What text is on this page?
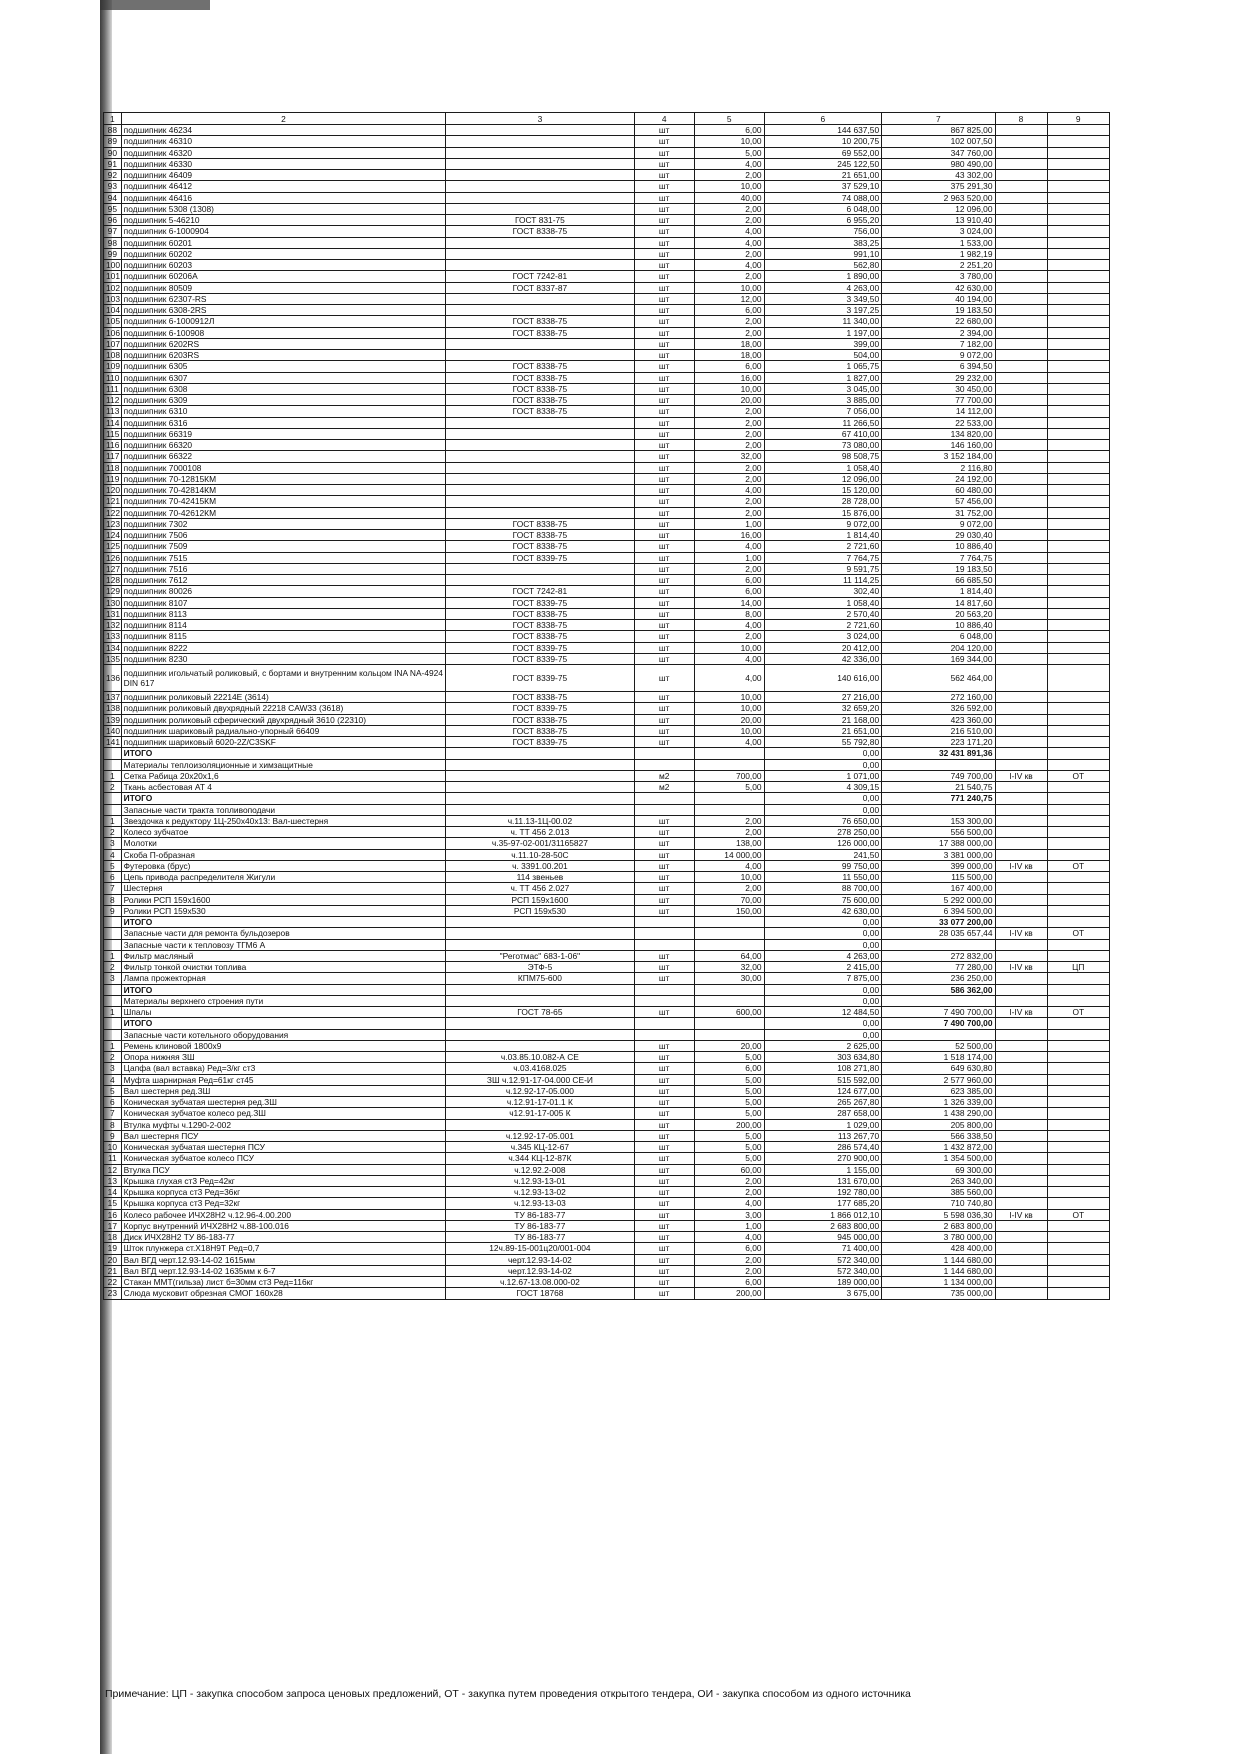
1	2	3	4	5	6	7	8	9
88	подшипник 46234		шт	6,00	144 637,50	867 825,00		
89	подшипник 46310		шт	10,00	10 200,75	102 007,50		
90	подшипник 46320		шт	5,00	69 552,00	347 760,00		
91	подшипник 46330		шт	4,00	245 122,50	980 490,00		
92	подшипник 46409		шт	2,00	21 651,00	43 302,00		
93	подшипник 46412		шт	10,00	37 529,10	375 291,30		
94	подшипник 46416		шт	40,00	74 088,00	2 963 520,00		
95	подшипник 5308 (1308)		шт	2,00	6 048,00	12 096,00		
96	подшипник 5-46210	ГОСТ 831-75	шт	2,00	6 955,20	13 910,40		
97	подшипник 6-1000904	ГОСТ 8338-75	шт	4,00	756,00	3 024,00		
98	подшипник 60201		шт	4,00	383,25	1 533,00		
99	подшипник 60202		шт	2,00	991,10	1 982,19		
100	подшипник 60203		шт	4,00	562,80	2 251,20		
101	подшипник 60206А	ГОСТ 7242-81	шт	2,00	1 890,00	3 780,00		
102	подшипник 80509	ГОСТ 8337-87	шт	10,00	4 263,00	42 630,00		
103	подшипник 62307-RS		шт	12,00	3 349,50	40 194,00		
104	подшипник 6308-2RS		шт	6,00	3 197,25	19 183,50		
105	подшипник 6-1000912Л	ГОСТ 8338-75	шт	2,00	11 340,00	22 680,00		
106	подшипник 6-100908	ГОСТ 8338-75	шт	2,00	1 197,00	2 394,00		
107	подшипник 6202RS		шт	18,00	399,00	7 182,00		
108	подшипник 6203RS		шт	18,00	504,00	9 072,00		
109	подшипник 6305	ГОСТ 8338-75	шт	6,00	1 065,75	6 394,50		
110	подшипник 6307	ГОСТ 8338-75	шт	16,00	1 827,00	29 232,00		
111	подшипник 6308	ГОСТ 8338-75	шт	10,00	3 045,00	30 450,00		
112	подшипник 6309	ГОСТ 8338-75	шт	20,00	3 885,00	77 700,00		
113	подшипник 6310	ГОСТ 8338-75	шт	2,00	7 056,00	14 112,00		
114	подшипник 6316		шт	2,00	11 266,50	22 533,00		
115	подшипник 66319		шт	2,00	67 410,00	134 820,00		
116	подшипник 66320		шт	2,00	73 080,00	146 160,00		
117	подшипник 66322		шт	32,00	98 508,75	3 152 184,00		
118	подшипник 7000108		шт	2,00	1 058,40	2 116,80		
119	подшипник 70-12815КМ		шт	2,00	12 096,00	24 192,00		
120	подшипник 70-42814КМ		шт	4,00	15 120,00	60 480,00		
121	подшипник 70-42415КМ		шт	2,00	28 728,00	57 456,00		
122	подшипник 70-42612КМ		шт	2,00	15 876,00	31 752,00		
123	подшипник 7302	ГОСТ 8338-75	шт	1,00	9 072,00	9 072,00		
124	подшипник 7506	ГОСТ 8338-75	шт	16,00	1 814,40	29 030,40		
125	подшипник 7509	ГОСТ 8338-75	шт	4,00	2 721,60	10 886,40		
126	подшипник 7515	ГОСТ 8339-75	шт	1,00	7 764,75	7 764,75		
127	подшипник 7516		шт	2,00	9 591,75	19 183,50		
128	подшипник 7612		шт	6,00	11 114,25	66 685,50		
129	подшипник 80026	ГОСТ 7242-81	шт	6,00	302,40	1 814,40		
130	подшипник 8107	ГОСТ 8339-75	шт	14,00	1 058,40	14 817,60		
131	подшипник 8113	ГОСТ 8338-75	шт	8,00	2 570,40	20 563,20		
132	подшипник 8114	ГОСТ 8338-75	шт	4,00	2 721,60	10 886,40		
133	подшипник 8115	ГОСТ 8338-75	шт	2,00	3 024,00	6 048,00		
134	подшипник 8222	ГОСТ 8339-75	шт	10,00	20 412,00	204 120,00		
135	подшипник 8230	ГОСТ 8339-75	шт	4,00	42 336,00	169 344,00		
136	подшипник игольчатый роликовый, с бортами и внутренним кольцом INA NA-4924 DIN 617	ГОСТ 8339-75	шт	4,00	140 616,00	562 464,00		
137	подшипник роликовый 22214E (3614)	ГОСТ 8338-75	шт	10,00	27 216,00	272 160,00		
138	подшипник роликовый двухрядный 22218 CAW33 (3618)	ГОСТ 8339-75	шт	10,00	32 659,20	326 592,00		
139	подшипник роликовый сферический двухрядный 3610 (22310)	ГОСТ 8338-75	шт	20,00	21 168,00	423 360,00		
140	подшипник шариковый радиально-упорный 66409	ГОСТ 8338-75	шт	10,00	21 651,00	216 510,00		
141	подшипник шариковый 6020-2Z/C3SKF	ГОСТ 8339-75	шт	4,00	55 792,80	223 171,20		
	ИТОГО				0,00	32 431 891,36		
	Материалы теплоизоляционные и химзащитные				0,00			
1	Сетка Рабица 20х20х1,6		м2	700,00	1 071,00	749 700,00	I-IV кв	ОТ
2	Ткань асбестовая АТ 4		м2	5,00	4 309,15	21 540,75		
	ИТОГО				0,00	771 240,75		
	Запасные части тракта топливоподачи				0,00			
1	Звездочка к редуктору 1Ц-250х40х13: Вал-шестерня	ч.11.13-1Ц-00.02	шт	2,00	76 650,00	153 300,00		
2	Колесо зубчатое	ч. ТТ 456 2.013	шт	2,00	278 250,00	556 500,00		
3	Молотки	ч.35-97-02-001/31165827	шт	138,00	126 000,00	17 388 000,00		
4	Скоба П-образная	ч.11.10-28-50С	шт	14 000,00	241,50	3 381 000,00		
5	Футеровка (брус)	ч. 3391.00.201	шт	4,00	99 750,00	399 000,00	I-IV кв	ОТ
6	Цепь привода распределителя Жигули	114 звеньев	шт	10,00	11 550,00	115 500,00		
7	Шестерня	ч. ТТ 456 2.027	шт	2,00	88 700,00	167 400,00		
8	Ролики РСП 159х1600	РСП 159х1600	шт	70,00	75 600,00	5 292 000,00		
9	Ролики РСП 159х530	РСП 159х530	шт	150,00	42 630,00	6 394 500,00		
	ИТОГО				0,00	33 077 200,00		
	Запасные части для ремонта бульдозеров				0,00	28 035 657,44	I-IV кв	ОТ
	Запасные части к тепловозу ТГМ6 А				0,00			
1	Фильтр масляный	"Реготмас" 683-1-06"	шт	64,00	4 263,00	272 832,00		
2	Фильтр тонкой очистки топлива	ЭТФ-5	шт	32,00	2 415,00	77 280,00	I-IV кв	ЦП
3	Лампа прожекторная	КПМ75-600	шт	30,00	7 875,00	236 250,00		
	ИТОГО				0,00	586 362,00		
	Материалы верхнего строения пути				0,00			
1	Шпалы	ГОСТ 78-65	шт	600,00	12 484,50	7 490 700,00	I-IV кв	ОТ
	ИТОГО				0,00	7 490 700,00		
	Запасные части котельного оборудования				0,00			
1	Ремень клиновой 1800х9		шт	20,00	2 625,00	52 500,00		
2	Опора нижняя ЗШ	ч.03.85.10.082-А СЕ	шт	5,00	303 634,80	1 518 174,00		
3	Цапфа (вал вставка) Ред=3/кг ст3	ч.03.4168.025	шт	6,00	108 271,80	649 630,80		
4	Муфта шарнирная Ред=61кг ст45	ЗШ ч.12.91-17-04.000 СЕ-И	шт	5,00	515 592,00	2 577 960,00		
5	Вал шестерня ред.ЗШ	ч.12.92-17-05.000	шт	5,00	124 677,00	623 385,00		
6	Коническая зубчатая шестерня ред.ЗШ	ч.12.91-17-01.1 К	шт	5,00	265 267,80	1 326 339,00		
7	Коническая зубчатое колесо ред.ЗШ	ч12.91-17-005 К	шт	5,00	287 658,00	1 438 290,00		
8	Втулка муфты ч.1290-2-002		шт	200,00	1 029,00	205 800,00		
9	Вал шестерня ПСУ	ч.12.92-17-05.001	шт	5,00	113 267,70	566 338,50		
10	Коническая зубчатая шестерня ПСУ	ч.345 КЦ-12-67	шт	5,00	286 574,40	1 432 872,00		
11	Коническая зубчатое колесо ПСУ	ч.344 КЦ-12-87К	шт	5,00	270 900,00	1 354 500,00		
12	Втулка ПСУ	ч.12.92.2-008	шт	60,00	1 155,00	69 300,00		
13	Крышка глухая ст3 Ред=42кг	ч.12.93-13-01	шт	2,00	131 670,00	263 340,00		
14	Крышка корпуса ст3 Ред=36кг	ч.12.93-13-02	шт	2,00	192 780,00	385 560,00		
15	Крышка корпуса ст3 Ред=32кг	ч.12.93-13-03	шт	4,00	177 685,20	710 740,80		
16	Колесо рабочее ИЧХ28Н2 ч.12.96-4.00.200	ТУ 86-183-77	шт	3,00	1 866 012,10	5 598 036,30	I-IV кв	ОТ
17	Корпус внутренний ИЧХ28Н2 ч.88-100.016	ТУ 86-183-77	шт	1,00	2 683 800,00	2 683 800,00		
18	Диск ИЧХ28Н2 ТУ 86-183-77	ТУ 86-183-77	шт	4,00	945 000,00	3 780 000,00		
19	Шток плунжера ст.Х18Н9Т Ред=0,7	12ч.89-15-001ц20/001-004	шт	6,00	71 400,00	428 400,00		
20	Вал ВГД черт.12.93-14-02 1615мм	черт.12.93-14-02	шт	2,00	572 340,00	1 144 680,00		
21	Вал ВГД черт.12.93-14-02 1635мм к 6-7	черт.12.93-14-02	шт	2,00	572 340,00	1 144 680,00		
22	Стакан ММТ(гильза) лист б=30мм ст3 Ред=116кг	ч.12.67-13.08.000-02	шт	6,00	189 000,00	1 134 000,00		
23	Слюда мусковит обрезная СМОГ 160х28	ГОСТ 18768	шт	200,00	3 675,00	735 000,00		
Примечание: ЦП - закупка способом запроса ценовых предложений, ОТ - закупка путем проведения открытого тендера, ОИ - закупка способом из одного источника
